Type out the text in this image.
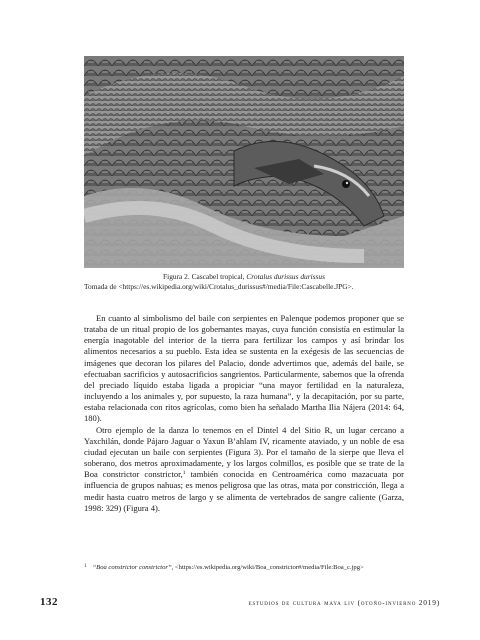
Figura 2. Cascabel tropical, Crotalus durissus durissus
Tomada de <https://es.wikipedia.org/wiki/Crotalus_durissus#/media/File:Cascabelle.JPG>.

En cuanto al simbolismo del baile con serpientes en Palenque podemos proponer que se trataba de un ritual propio de los gobernantes mayas, cuya función consistía en estimular la energía inagotable del interior de la tierra para fertilizar los campos y así brindar los alimentos necesarios a su pueblo. Esta idea se sustenta en la exégesis de las secuencias de imágenes que decoran los pilares del Palacio, donde advertimos que, además del baile, se efectuaban sacrificios y autosacrificios sangrientos. Particularmente, sabemos que la ofrenda del preciado líquido estaba ligada a propiciar “una mayor fertilidad en la naturaleza, incluyendo a los animales y, por supuesto, la raza humana”, y la decapitación, por su parte, estaba relacionada con ritos agrícolas, como bien ha señalado Martha Ilia Nájera (2014: 64, 180).

Otro ejemplo de la danza lo tenemos en el Dintel 4 del Sitio R, un lugar cercano a Yaxchilán, donde Pájaro Jaguar o Yaxun B’ahlam IV, ricamente ataviado, y un noble de esa ciudad ejecutan un baile con serpientes (Figura 3). Por el tamaño de la sierpe que lleva el soberano, dos metros aproximadamente, y los largos colmillos, es posible que se trate de la Boa constrictor constrictor,$^1$ también conocida en Centroamérica como mazacuata por influencia de grupos nahuas; es menos peligrosa que las otras, mata por constricción, llega a medir hasta cuatro metros de largo y se alimenta de vertebrados de sangre caliente (Garza, 1998: 329) (Figura 4).

$^1$ “Boa constrictor constrictor”, <https://es.wikipedia.org/wiki/Boa_constrictor#/media/File:Boa_c.jpg>
132	estudios de cultura maya liv (otoño-invierno 2019)
